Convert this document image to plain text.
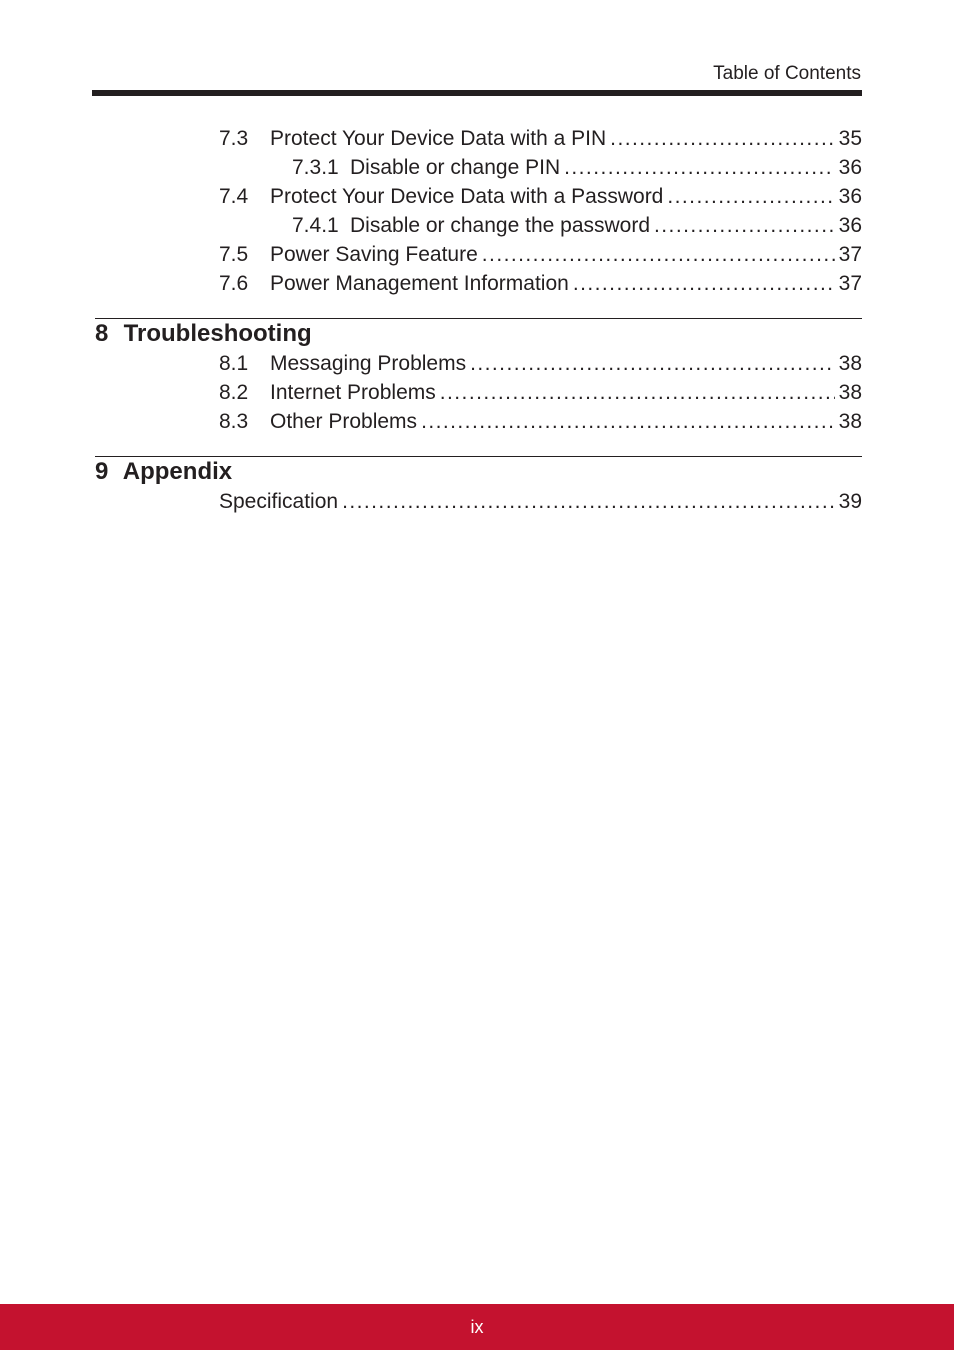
Table of Contents
7.3	Protect Your Device Data with a PIN . . .	35
7.3.1 Disable or change PIN . . .	36
7.4	Protect Your Device Data with a Password . . .	36
7.4.1 Disable or change the password . . .	36
7.5	Power Saving Feature . . .	37
7.6	Power Management Information . . .	37
8 Troubleshooting
8.1	Messaging Problems . . .	38
8.2	Internet Problems . . .	38
8.3	Other Problems . . .	38
9 Appendix
Specification . . .	39
ix
